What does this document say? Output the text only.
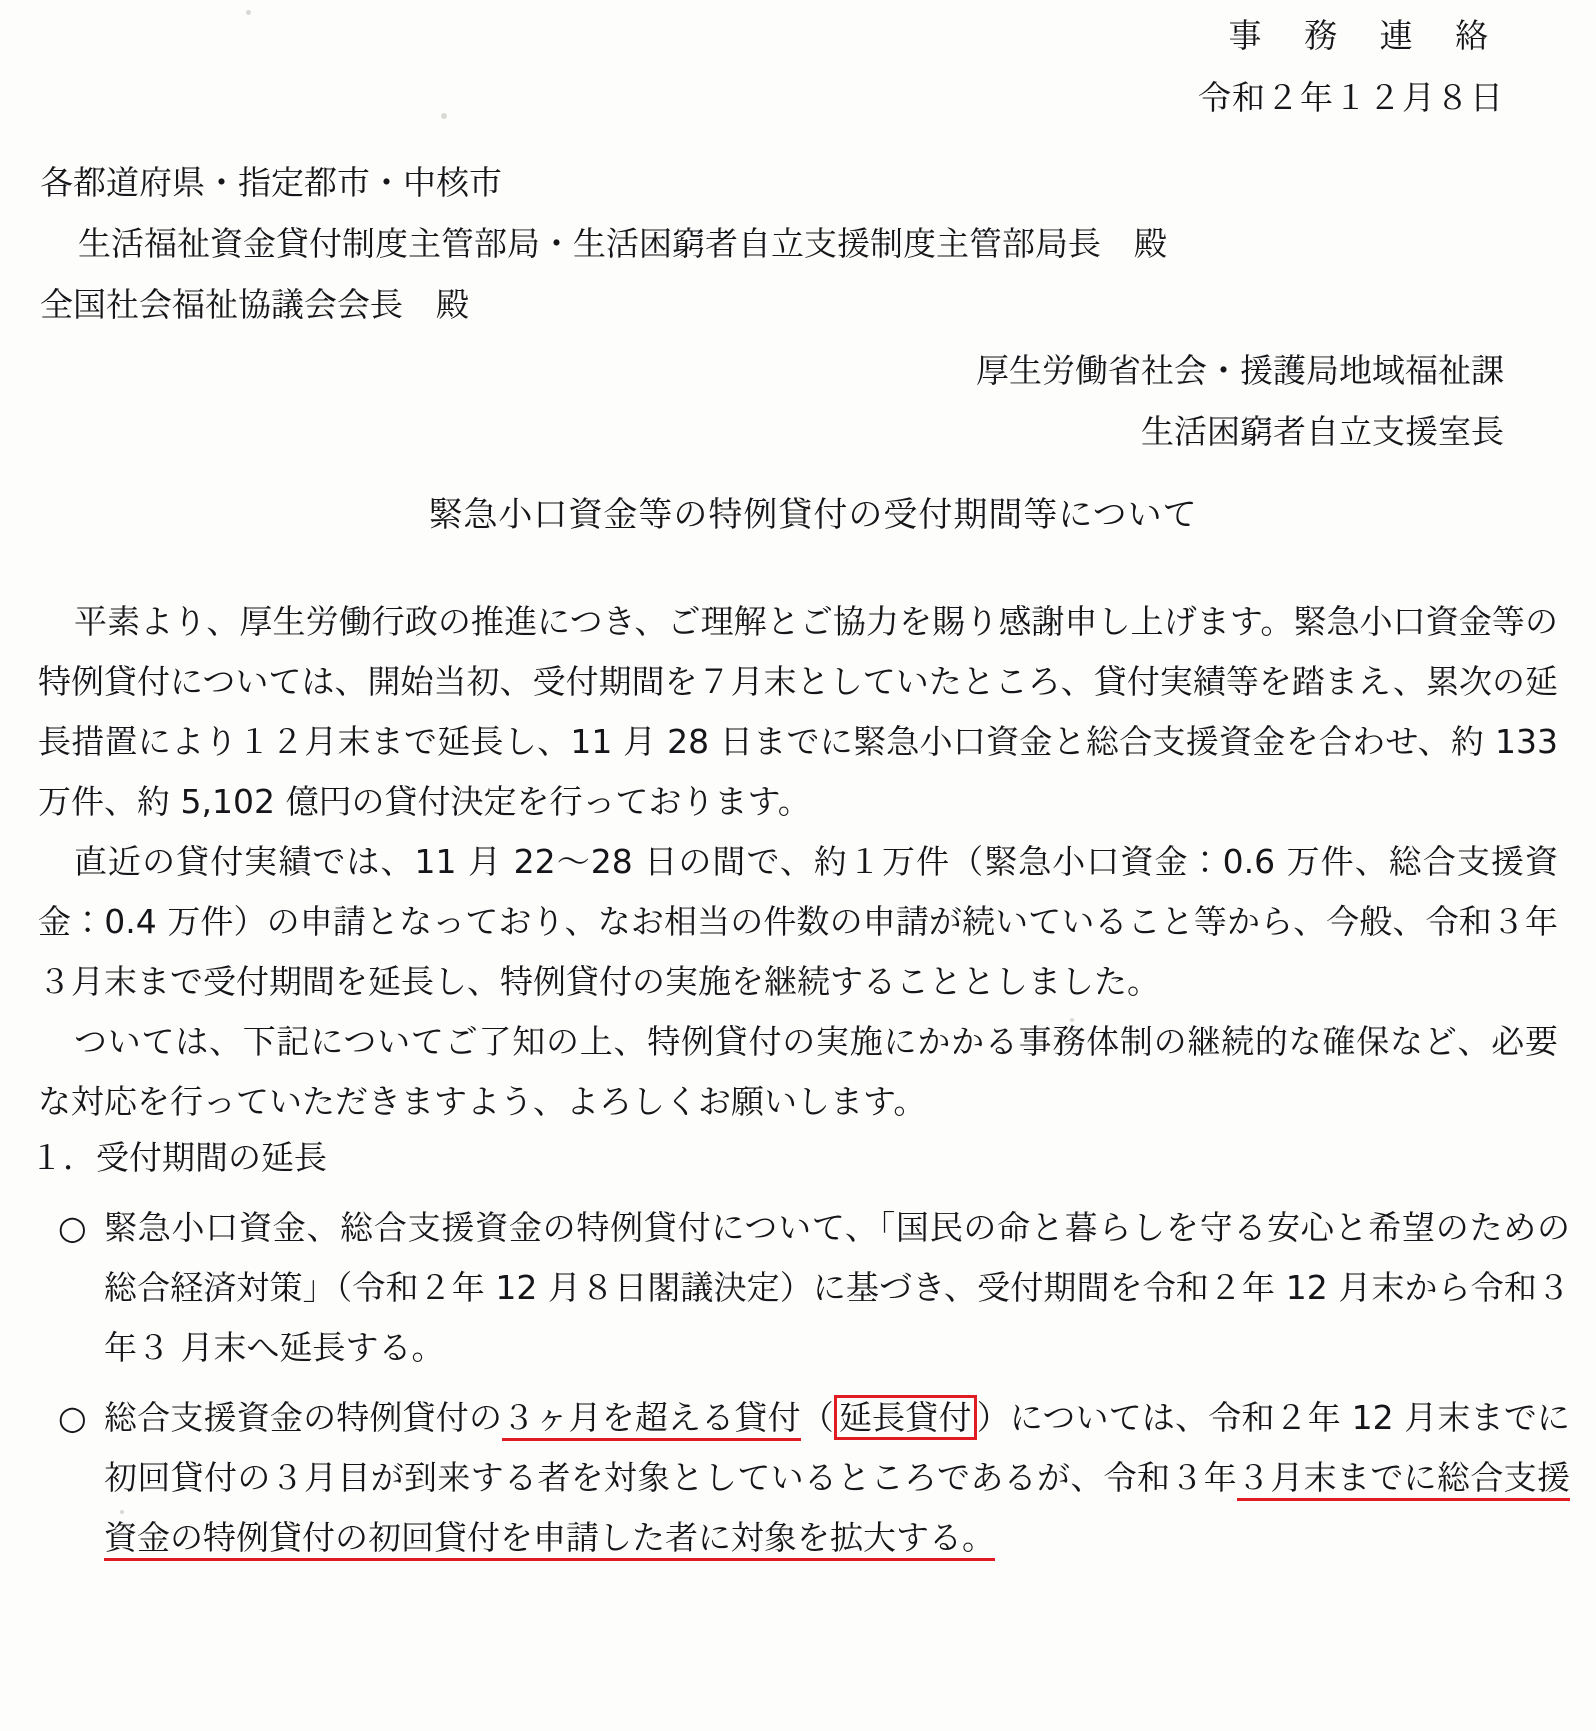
事 務 連 絡
令和２年１２月８日
各都道府県・指定都市・中核市
生活福祉資金貸付制度主管部局・生活困窮者自立支援制度主管部局長　殿
全国社会福祉協議会会長　殿
厚生労働省社会・援護局地域福祉課
生活困窮者自立支援室長
緊急小口資金等の特例貸付の受付期間等について

平素より、厚生労働行政の推進につき、ご理解とご協力を賜り感謝申し上げます。緊急小口資金等の特例貸付については、開始当初、受付期間を７月末としていたところ、貸付実績等を踏まえ、累次の延長措置により１２月末まで延長し、11 月 28 日までに緊急小口資金と総合支援資金を合わせ、約 133 万件、約 5,102 億円の貸付決定を行っております。

直近の貸付実績では、11 月 22〜28 日の間で、約１万件（緊急小口資金：0.6 万件、総合支援資金：0.4 万件）の申請となっており、なお相当の件数の申請が続いていること等から、今般、令和３年３月末まで受付期間を延長し、特例貸付の実施を継続することとしました。

ついては、下記についてご了知の上、特例貸付の実施にかかる事務体制の継続的な確保など、必要な対応を行っていただきますよう、よろしくお願いします。

１．受付期間の延長
○ 緊急小口資金、総合支援資金の特例貸付について、「国民の命と暮らしを守る安心と希望のための総合経済対策」（令和２年 12 月８日閣議決定）に基づき、受付期間を令和２年 12 月末から令和３年３ 月末へ延長する。
○ 総合支援資金の特例貸付の３ヶ月を超える貸付（ 延長貸付 ）については、令和２年 12 月末までに初回貸付の３月目が到来する者を対象としているところであるが、令和３年３月末までに総合支援資金の特例貸付の初回貸付を申請した者に対象を拡大する。
